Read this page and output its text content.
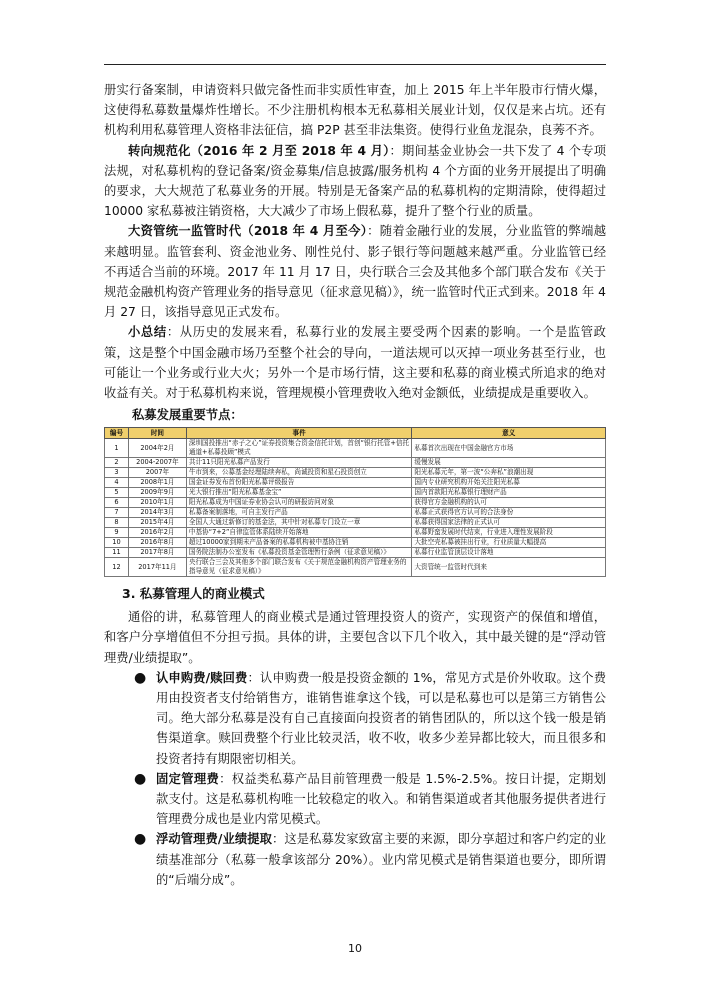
册实行备案制，申请资料只做完备性而非实质性审查，加上 2015 年上半年股市行情火爆，这使得私募数量爆炸性增长。不少注册机构根本无私募相关展业计划，仅仅是来占坑。还有机构利用私募管理人资格非法征信，搞 P2P 甚至非法集资。使得行业鱼龙混杂，良莠不齐。

转向规范化（2016 年 2 月至 2018 年 4 月）：期间基金业协会一共下发了 4 个专项法规，对私募机构的登记备案/资金募集/信息披露/服务机构 4 个方面的业务开展提出了明确的要求，大大规范了私募业务的开展。特别是无备案产品的私募机构的定期清除，使得超过 10000 家私募被注销资格，大大减少了市场上假私募，提升了整个行业的质量。

大资管统一监管时代（2018 年 4 月至今）：随着金融行业的发展，分业监管的弊端越来越明显。监管套利、资金池业务、刚性兑付、影子银行等问题越来越严重。分业监管已经不再适合当前的环境。2017 年 11 月 17 日，央行联合三会及其他多个部门联合发布《关于规范金融机构资产管理业务的指导意见（征求意见稿）》，统一监管时代正式到来。2018 年 4 月 27 日，该指导意见正式发布。

小总结：从历史的发展来看，私募行业的发展主要受两个因素的影响。一个是监管政策，这是整个中国金融市场乃至整个社会的导向，一道法规可以灭掉一项业务甚至行业，也可能让一个业务或行业大火；另外一个是市场行情，这主要和私募的商业模式所追求的绝对收益有关。对于私募机构来说，管理规模小管理费收入绝对金额低，业绩提成是重要收入。

私募发展重要节点：
编号	时间	事件	意义
1	2004年2月	深圳国投推出“赤子之心”证券投资集合资金信托计划，首创“银行托管+信托通道+私募投顾”模式	私募首次出现在中国金融官方市场
2	2004-2007年	共计11只阳光私募产品发行	缓慢发展
3	2007年	牛市到来，公募基金经理陆续奔私，尚诚投资和星石投资创立	阳光私募元年，第一波“公奔私”浪潮出现
4	2008年1月	国金证券发布首份阳光私募评级报告	国内专业研究机构开始关注阳光私募
5	2009年9月	光大银行推出“阳光私募基金宝”	国内首款阳光私募银行理财产品
6	2010年1月	阳光私募成为中国证券业协会认可的研报访问对象	获得官方金融机构的认可
7	2014年3月	私募备案制落地，可自主发行产品	私募正式获得官方认可的合法身份
8	2015年4月	全国人大通过新修订的基金法，其中针对私募专门设立一章	私募获得国家法律的正式认可
9	2016年2月	中基协“7+2”自律监管体系陆续开始落地	私募野蛮发展时代结束，行业进入理性发展阶段
10	2016年8月	超过10000家到期未产品备案的私募机构被中基协注销	大批空壳私募被挂出行业，行业质量大幅提高
11	2017年8月	国务院法制办公室发布《私募投资基金管理暂行条例（征求意见稿）》	私募行业监管顶层设计落地
12	2017年11月	央行联合三会及其他多个部门联合发布《关于规范金融机构资产管理业务的指导意见（征求意见稿）》	大资管统一监管时代到来
3. 私募管理人的商业模式

通俗的讲，私募管理人的商业模式是通过管理投资人的资产，实现资产的保值和增值，和客户分享增值但不分担亏损。具体的讲，主要包含以下几个收入，其中最关键的是“浮动管理费/业绩提取”。

● 认申购费/赎回费：认申购费一般是投资金额的 1%，常见方式是价外收取。这个费用由投资者支付给销售方，谁销售谁拿这个钱，可以是私募也可以是第三方销售公司。绝大部分私募是没有自己直接面向投资者的销售团队的，所以这个钱一般是销售渠道拿。赎回费整个行业比较灵活，收不收，收多少差异都比较大，而且很多和投资者持有期限密切相关。

● 固定管理费：权益类私募产品目前管理费一般是 1.5%-2.5%。按日计提，定期划款支付。这是私募机构唯一比较稳定的收入。和销售渠道或者其他服务提供者进行管理费分成也是业内常见模式。

● 浮动管理费/业绩提取：这是私募发家致富主要的来源，即分享超过和客户约定的业绩基准部分（私募一般拿该部分 20%）。业内常见模式是销售渠道也要分，即所谓的“后端分成”。

10
